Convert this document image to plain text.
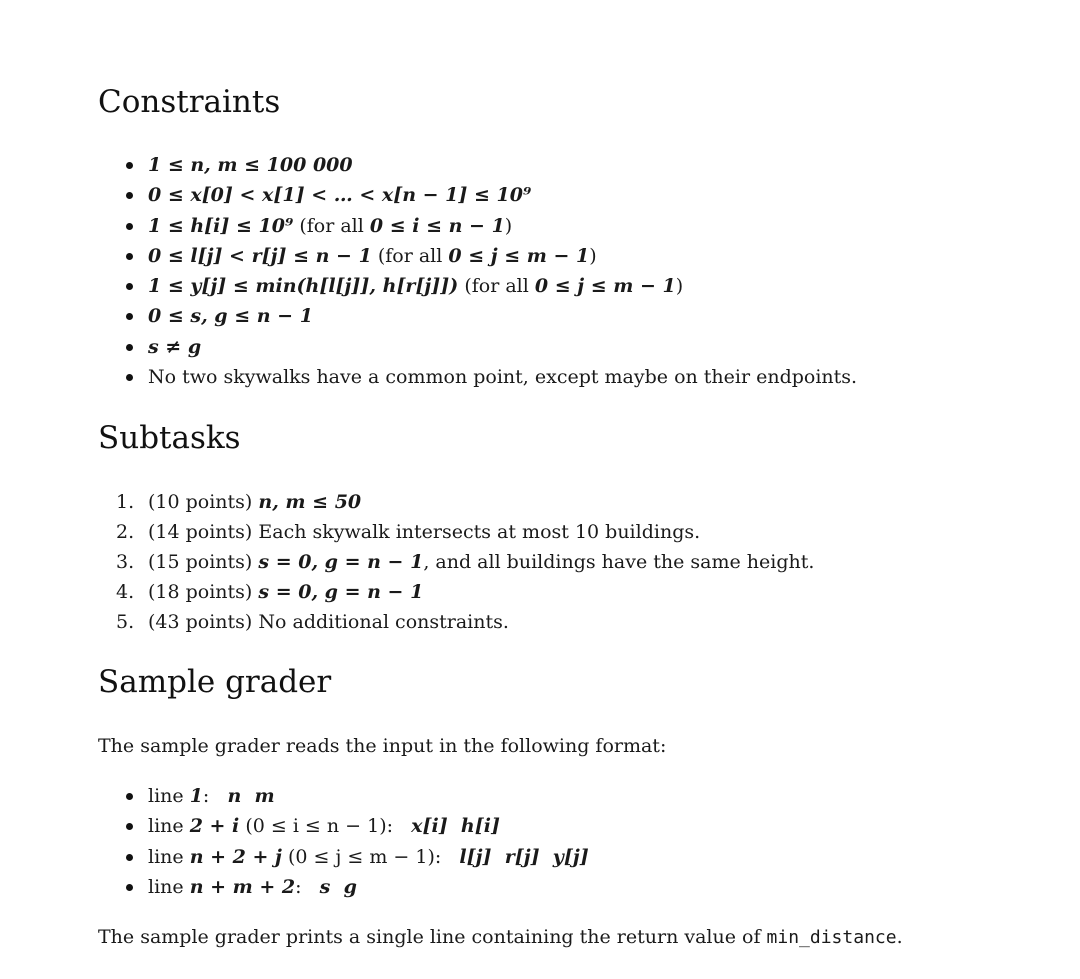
Constraints
1 ≤ n, m ≤ 100 000
0 ≤ x[0] < x[1] < … < x[n − 1] ≤ 10⁹
1 ≤ h[i] ≤ 10⁹ (for all 0 ≤ i ≤ n − 1)
0 ≤ l[j] < r[j] ≤ n − 1 (for all 0 ≤ j ≤ m − 1)
1 ≤ y[j] ≤ min(h[l[j]], h[r[j]]) (for all 0 ≤ j ≤ m − 1)
0 ≤ s, g ≤ n − 1
s ≠ g
No two skywalks have a common point, except maybe on their endpoints.
Subtasks
1. (10 points) n, m ≤ 50
2. (14 points) Each skywalk intersects at most 10 buildings.
3. (15 points) s = 0, g = n − 1, and all buildings have the same height.
4. (18 points) s = 0, g = n − 1
5. (43 points) No additional constraints.
Sample grader

The sample grader reads the input in the following format:

line 1:   n  m
line 2 + i (0 ≤ i ≤ n − 1):   x[i]  h[i]
line n + 2 + j (0 ≤ j ≤ m − 1):   l[j]  r[j]  y[j]
line n + m + 2:   s  g

The sample grader prints a single line containing the return value of min_distance.
